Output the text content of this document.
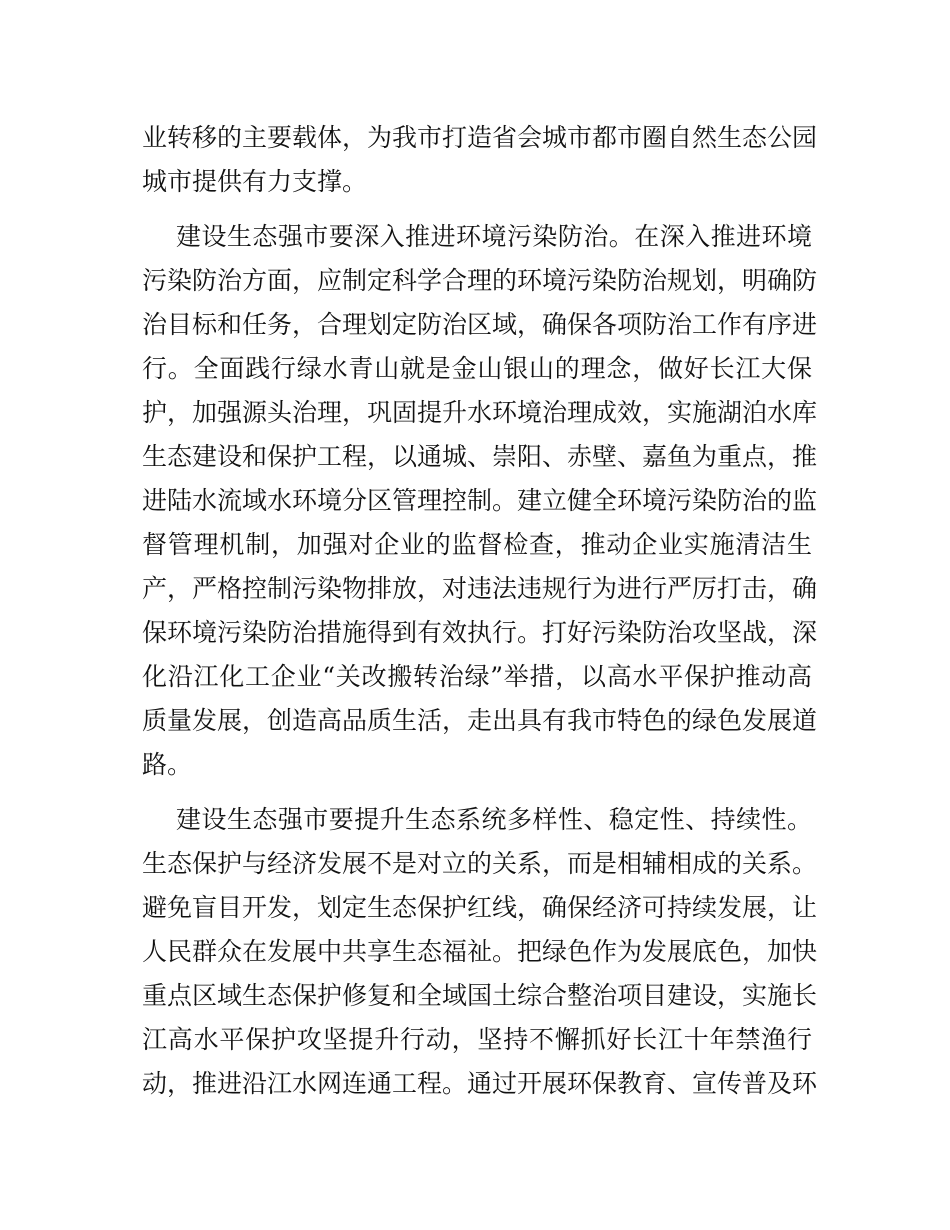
业转移的主要载体，为我市打造省会城市都市圈自然生态公园
城市提供有力支撑。
建设生态强市要深入推进环境污染防治。在深入推进环境
污染防治方面，应制定科学合理的环境污染防治规划，明确防
治目标和任务，合理划定防治区域，确保各项防治工作有序进
行。全面践行绿水青山就是金山银山的理念，做好长江大保
护，加强源头治理，巩固提升水环境治理成效，实施湖泊水库
生态建设和保护工程，以通城、崇阳、赤壁、嘉鱼为重点，推
进陆水流域水环境分区管理控制。建立健全环境污染防治的监
督管理机制，加强对企业的监督检查，推动企业实施清洁生
产，严格控制污染物排放，对违法违规行为进行严厉打击，确
保环境污染防治措施得到有效执行。打好污染防治攻坚战，深
化沿江化工企业“关改搬转治绿”举措，以高水平保护推动高
质量发展，创造高品质生活，走出具有我市特色的绿色发展道
路。
建设生态强市要提升生态系统多样性、稳定性、持续性。
生态保护与经济发展不是对立的关系，而是相辅相成的关系。
避免盲目开发，划定生态保护红线，确保经济可持续发展，让
人民群众在发展中共享生态福祉。把绿色作为发展底色，加快
重点区域生态保护修复和全域国土综合整治项目建设，实施长
江高水平保护攻坚提升行动，坚持不懈抓好长江十年禁渔行
动，推进沿江水网连通工程。通过开展环保教育、宣传普及环
